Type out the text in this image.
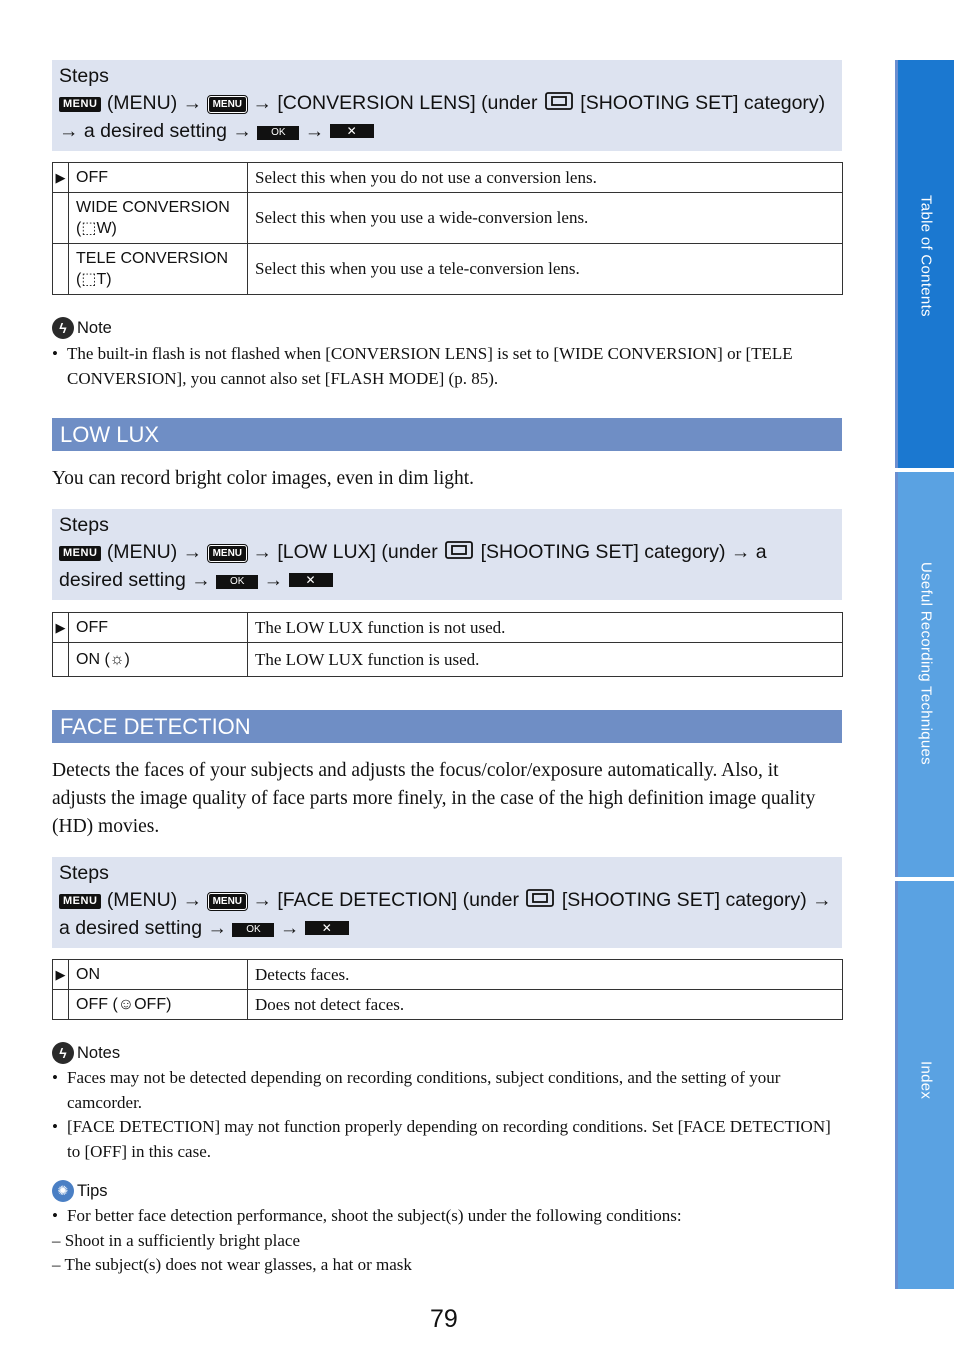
Steps
MENU (MENU) → MENU → [CONVERSION LENS] (under [SHOOTING SET] category)
→ a desired setting → OK → ✕
▶	OFF	Select this when you do not use a conversion lens.
	WIDE CONVERSION (⬚W)	Select this when you use a wide-conversion lens.
	TELE CONVERSION (⬚T)	Select this when you use a tele-conversion lens.
ϟ Note
• The built-in flash is not flashed when [CONVERSION LENS] is set to [WIDE CONVERSION] or [TELE CONVERSION], you cannot also set [FLASH MODE] (p. 85).
LOW LUX
You can record bright color images, even in dim light.
Steps
MENU (MENU) → MENU → [LOW LUX] (under [SHOOTING SET] category) → a
desired setting → OK → ✕
▶	OFF	The LOW LUX function is not used.
	ON (☼)	The LOW LUX function is used.
FACE DETECTION
Detects the faces of your subjects and adjusts the focus/color/exposure automatically. Also, it adjusts the image quality of face parts more finely, in the case of the high definition image quality (HD) movies.
Steps
MENU (MENU) → MENU → [FACE DETECTION] (under [SHOOTING SET] category) →
a desired setting → OK → ✕
▶	ON	Detects faces.
	OFF (☺OFF)	Does not detect faces.
ϟ Notes
• Faces may not be detected depending on recording conditions, subject conditions, and the setting of your camcorder.
• [FACE DETECTION] may not function properly depending on recording conditions. Set [FACE DETECTION] to [OFF] in this case.
✺ Tips
• For better face detection performance, shoot the subject(s) under the following conditions:
– Shoot in a sufficiently bright place
– The subject(s) does not wear glasses, a hat or mask
79
Table of Contents
Useful Recording Techniques
Index
